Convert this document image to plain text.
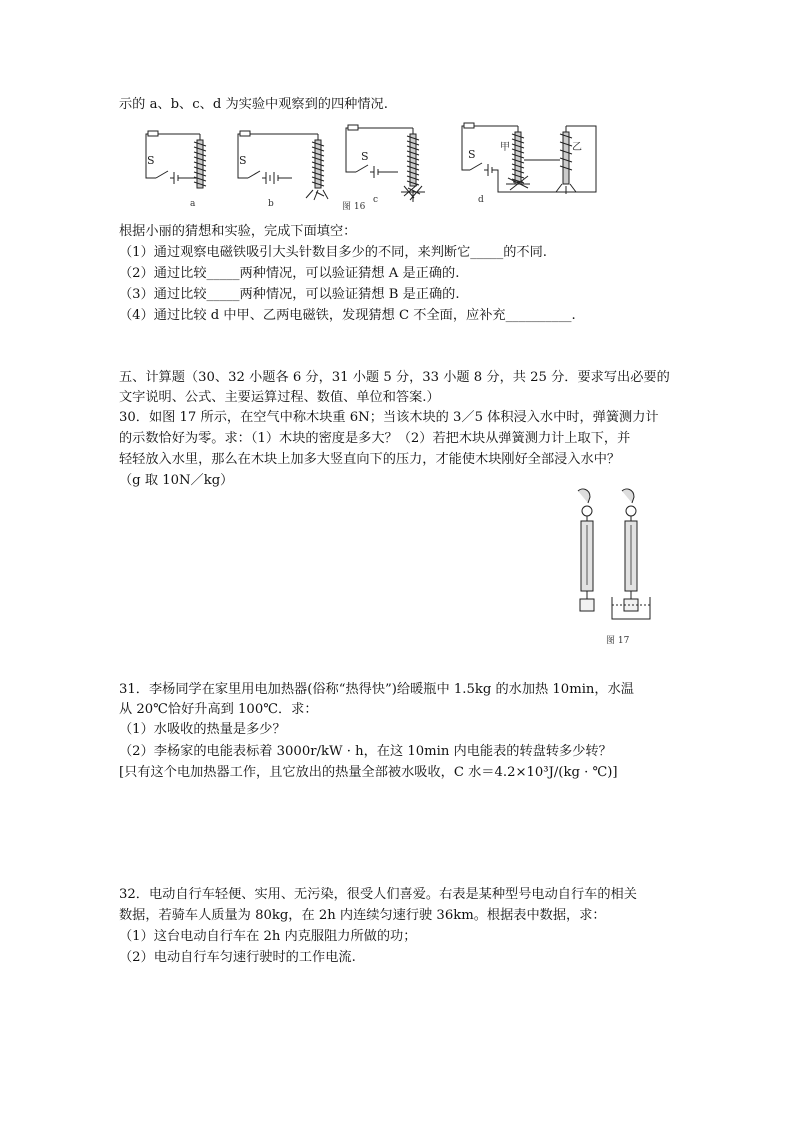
示的 a、b、c、d 为实验中观察到的四种情况.
S	S	S	S
甲	乙
a	b	c	d
图 16
根据小丽的猜想和实验，完成下面填空：
（1）通过观察电磁铁吸引大头针数目多少的不同，来判断它_____的不同.
（2）通过比较_____两种情况，可以验证猜想 A 是正确的.
（3）通过比较_____两种情况，可以验证猜想 B 是正确的.
（4）通过比较 d 中甲、乙两电磁铁，发现猜想 C 不全面，应补充__________.
五、计算题（30、32 小题各 6 分，31 小题 5 分，33 小题 8 分，共 25 分．要求写出必要的
文字说明、公式、主要运算过程、数值、单位和答案.）
30．如图 17 所示，在空气中称木块重 6N；当该木块的 3／5 体积浸入水中时，弹簧测力计
的示数恰好为零。求：（1）木块的密度是多大？（2）若把木块从弹簧测力计上取下，并
轻轻放入水里，那么在木块上加多大竖直向下的压力，才能使木块刚好全部浸入水中？
（g 取 10N／kg）
图 17
31．李杨同学在家里用电加热器(俗称“热得快”)给暖瓶中 1.5kg 的水加热 10min，水温
从 20℃恰好升高到 100℃．求：
（1）水吸收的热量是多少？
（2）李杨家的电能表标着 3000r/kW · h，在这 10min 内电能表的转盘转多少转？
[只有这个电加热器工作，且它放出的热量全部被水吸收，C 水＝4.2×10³J/(kg · ℃)]
32．电动自行车轻便、实用、无污染，很受人们喜爱。右表是某种型号电动自行车的相关
数据，若骑车人质量为 80kg，在 2h 内连续匀速行驶 36km。根据表中数据，求：
（1）这台电动自行车在 2h 内克服阻力所做的功；
（2）电动自行车匀速行驶时的工作电流.
